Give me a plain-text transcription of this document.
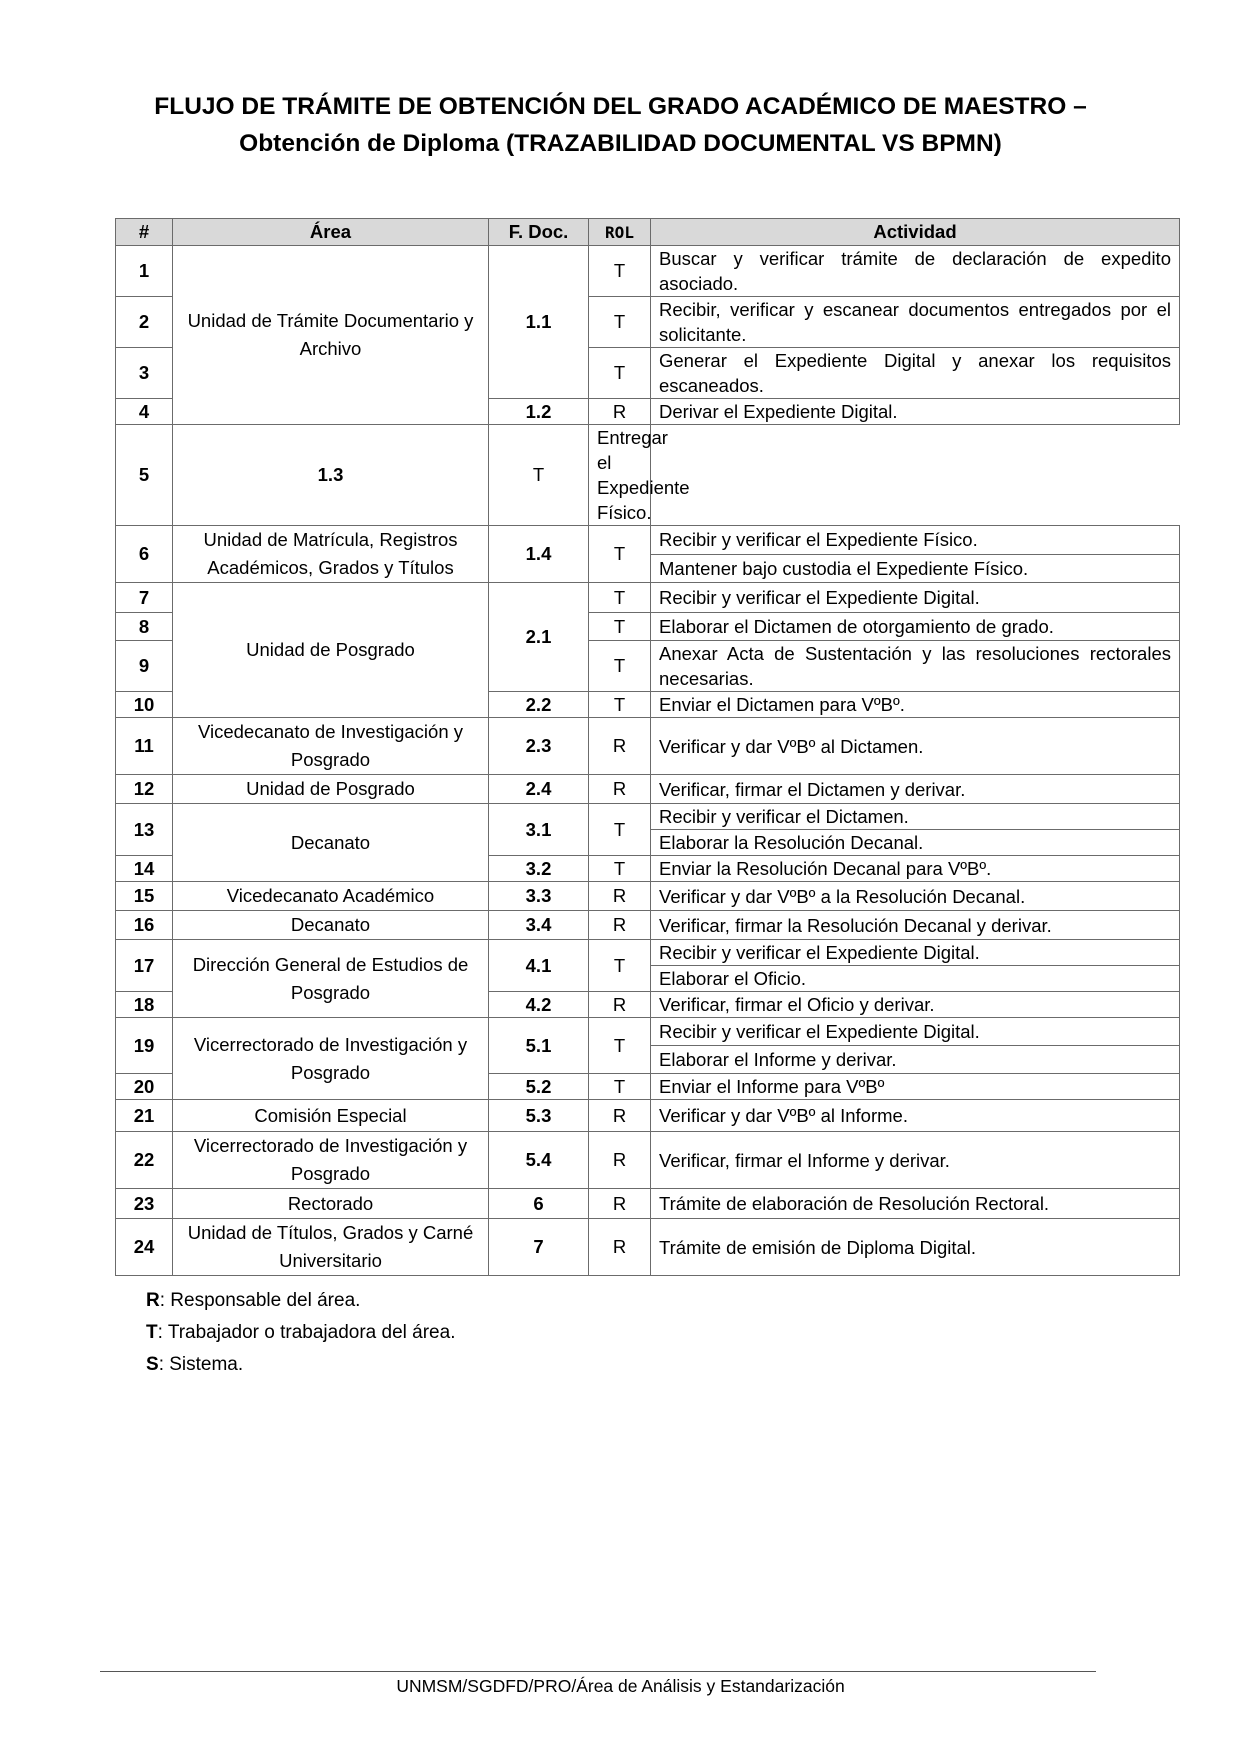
FLUJO DE TRÁMITE DE OBTENCIÓN DEL GRADO ACADÉMICO DE MAESTRO –
Obtención de Diploma (TRAZABILIDAD DOCUMENTAL VS BPMN)
#	Área	F. Doc.	ROL	Actividad
1	Unidad de Trámite Documentario y Archivo	1.1	T	Buscar y verificar trámite de declaración de expedito asociado.
2			T	Recibir, verificar y escanear documentos entregados por el solicitante.
3			T	Generar el Expediente Digital y anexar los requisitos escaneados.
4		1.2	R	Derivar el Expediente Digital.
5	1.3	T	Entregar el Expediente Físico.	
6	Unidad de Matrícula, Registros Académicos, Grados y Títulos	1.4	T	Recibir y verificar el Expediente Físico.
				Mantener bajo custodia el Expediente Físico.
7	Unidad de Posgrado	2.1	T	Recibir y verificar el Expediente Digital.
8			T	Elaborar el Dictamen de otorgamiento de grado.
9			T	Anexar Acta de Sustentación y las resoluciones rectorales necesarias.
10		2.2	T	Enviar el Dictamen para VºBº.
11	Vicedecanato de Investigación y Posgrado	2.3	R	Verificar y dar VºBº al Dictamen.
12	Unidad de Posgrado	2.4	R	Verificar, firmar el Dictamen y derivar.
13	Decanato	3.1	T	Recibir y verificar el Dictamen.
				Elaborar la Resolución Decanal.
14		3.2	T	Enviar la Resolución Decanal para VºBº.
15	Vicedecanato Académico	3.3	R	Verificar y dar VºBº a la Resolución Decanal.
16	Decanato	3.4	R	Verificar, firmar la Resolución Decanal y derivar.
17	Dirección General de Estudios de Posgrado	4.1	T	Recibir y verificar el Expediente Digital.
				Elaborar el Oficio.
18		4.2	R	Verificar, firmar el Oficio y derivar.
19	Vicerrectorado de Investigación y Posgrado	5.1	T	Recibir y verificar el Expediente Digital.
				Elaborar el Informe y derivar.
20		5.2	T	Enviar el Informe para VºBº
21	Comisión Especial	5.3	R	Verificar y dar VºBº al Informe.
22	Vicerrectorado de Investigación y Posgrado	5.4	R	Verificar, firmar el Informe y derivar.
23	Rectorado	6	R	Trámite de elaboración de Resolución Rectoral.
24	Unidad de Títulos, Grados y Carné Universitario	7	R	Trámite de emisión de Diploma Digital.
R: Responsable del área.
T: Trabajador o trabajadora del área.
S: Sistema.
UNMSM/SGDFD/PRO/Área de Análisis y Estandarización
